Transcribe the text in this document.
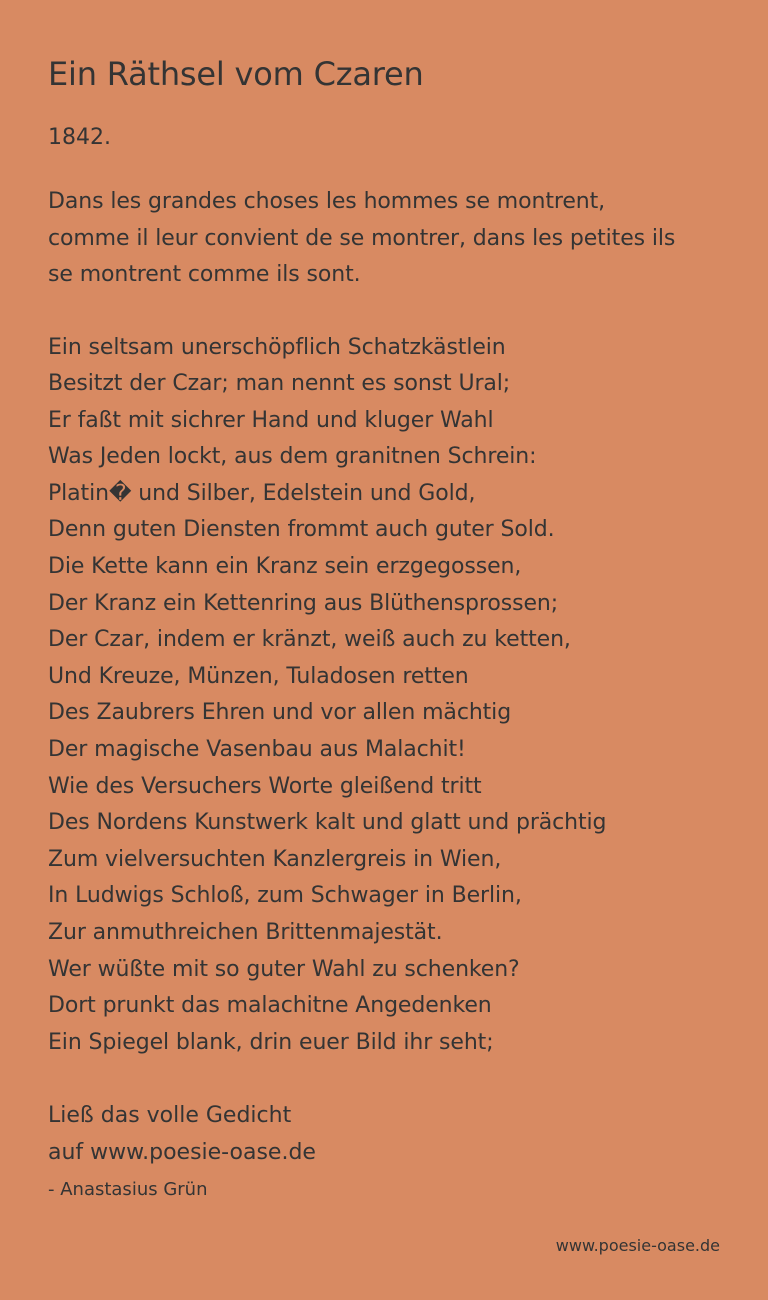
Ein Räthsel vom Czaren
1842.
Dans les grandes choses les hommes se montrent,
comme il leur convient de se montrer, dans les petites ils
se montrent comme ils sont.
Ein seltsam unerschöpflich Schatzkästlein
Besitzt der Czar; man nennt es sonst Ural;
Er faßt mit sichrer Hand und kluger Wahl
Was Jeden lockt, aus dem granitnen Schrein:
Platin� und Silber, Edelstein und Gold,
Denn guten Diensten frommt auch guter Sold.
Die Kette kann ein Kranz sein erzgegossen,
Der Kranz ein Kettenring aus Blüthensprossen;
Der Czar, indem er kränzt, weiß auch zu ketten,
Und Kreuze, Münzen, Tuladosen retten
Des Zaubrers Ehren und vor allen mächtig
Der magische Vasenbau aus Malachit!
Wie des Versuchers Worte gleißend tritt
Des Nordens Kunstwerk kalt und glatt und prächtig
Zum vielversuchten Kanzlergreis in Wien,
In Ludwigs Schloß, zum Schwager in Berlin,
Zur anmuthreichen Brittenmajestät.
Wer wüßte mit so guter Wahl zu schenken?
Dort prunkt das malachitne Angedenken
Ein Spiegel blank, drin euer Bild ihr seht;
Ließ das volle Gedicht
auf www.poesie-oase.de
- Anastasius Grün
www.poesie-oase.de
